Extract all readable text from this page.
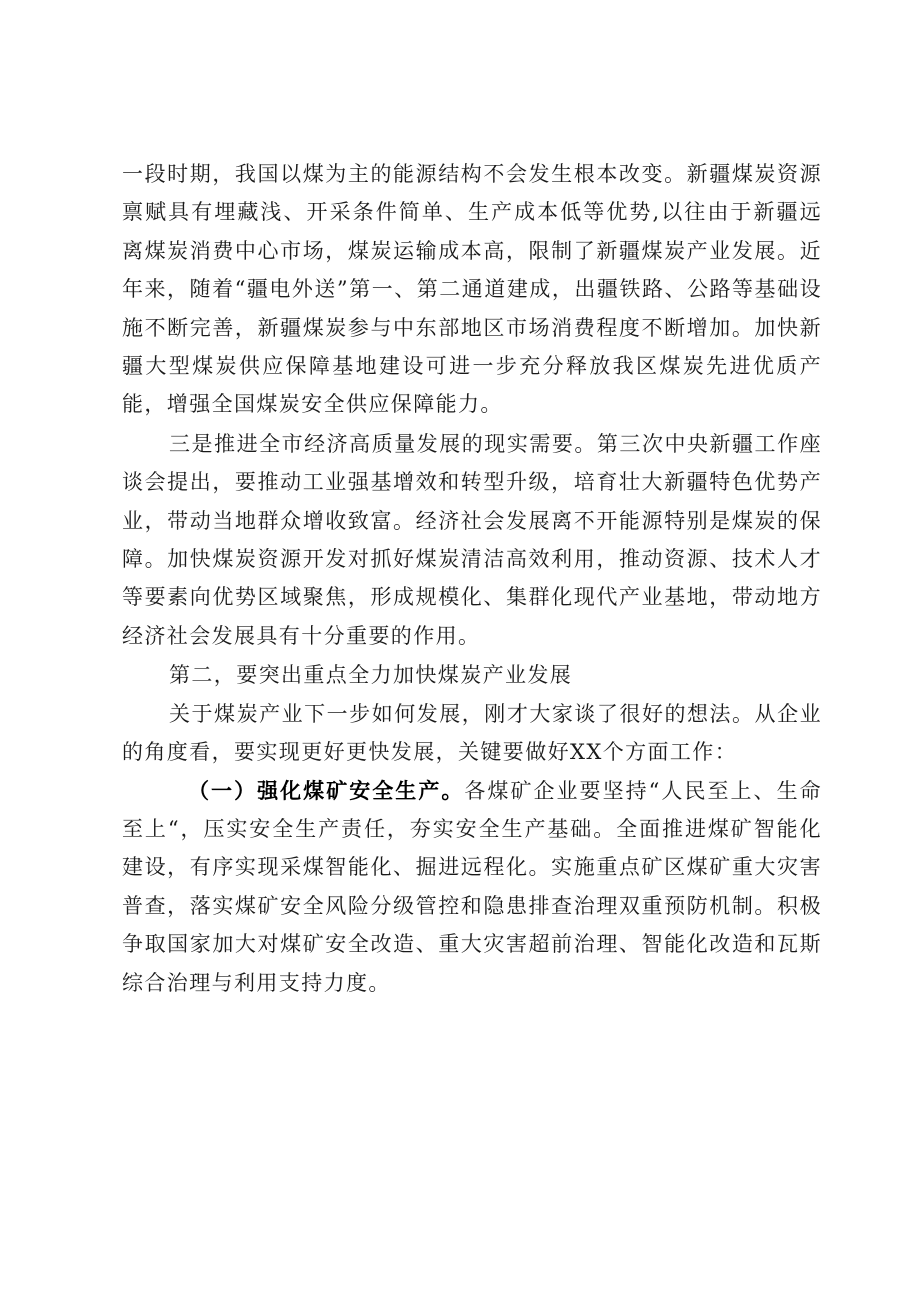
一段时期，我国以煤为主的能源结构不会发生根本改变。新疆煤炭资源禀赋具有埋藏浅、开采条件简单、生产成本低等优势,以往由于新疆远离煤炭消费中心市场，煤炭运输成本高，限制了新疆煤炭产业发展。近年来，随着“疆电外送”第一、第二通道建成，出疆铁路、公路等基础设施不断完善，新疆煤炭参与中东部地区市场消费程度不断增加。加快新疆大型煤炭供应保障基地建设可进一步充分释放我区煤炭先进优质产能，增强全国煤炭安全供应保障能力。

三是推进全市经济高质量发展的现实需要。第三次中央新疆工作座谈会提出，要推动工业强基增效和转型升级，培育壮大新疆特色优势产业，带动当地群众增收致富。经济社会发展离不开能源特别是煤炭的保障。加快煤炭资源开发对抓好煤炭清洁高效利用，推动资源、技术人才等要素向优势区域聚焦，形成规模化、集群化现代产业基地，带动地方经济社会发展具有十分重要的作用。

第二，要突出重点全力加快煤炭产业发展

关于煤炭产业下一步如何发展，刚才大家谈了很好的想法。从企业的角度看，要实现更好更快发展，关键要做好XX个方面工作：

（一）强化煤矿安全生产。各煤矿企业要坚持“人民至上、生命至上“，压实安全生产责任，夯实安全生产基础。全面推进煤矿智能化建设，有序实现采煤智能化、掘进远程化。实施重点矿区煤矿重大灾害普查，落实煤矿安全风险分级管控和隐患排查治理双重预防机制。积极争取国家加大对煤矿安全改造、重大灾害超前治理、智能化改造和瓦斯综合治理与利用支持力度。
